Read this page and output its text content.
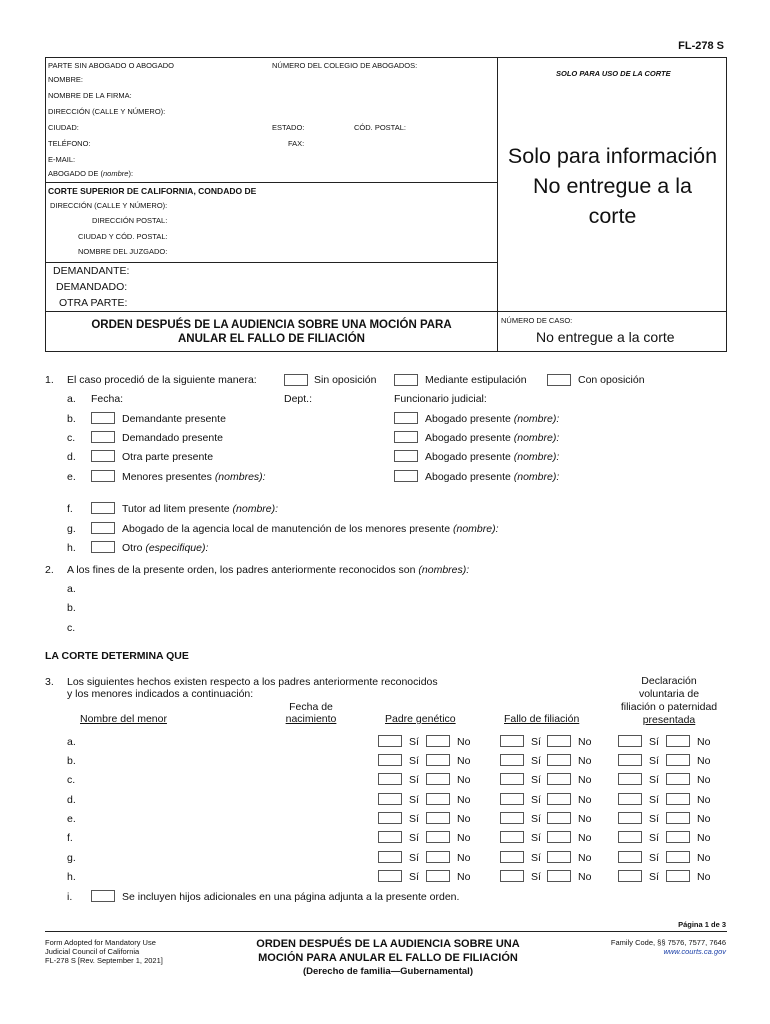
FL-278 S
PARTE SIN ABOGADO O ABOGADO	NÚMERO DEL COLEGIO DE ABOGADOS:
SOLO PARA USO DE LA CORTE
NOMBRE:
NOMBRE DE LA FIRMA:
DIRECCIÓN (CALLE Y NÚMERO):
CIUDAD:	ESTADO:	CÓD. POSTAL:
TELÉFONO:	FAX:
E-MAIL:
ABOGADO DE (nombre):
CORTE SUPERIOR DE CALIFORNIA, CONDADO DE
DIRECCIÓN (CALLE Y NÚMERO):
DIRECCIÓN POSTAL:
CIUDAD Y CÓD. POSTAL:
NOMBRE DEL JUZGADO:
DEMANDANTE:
DEMANDADO:
OTRA PARTE:
ORDEN DESPUÉS DE LA AUDIENCIA SOBRE UNA MOCIÓN PARA
ANULAR EL FALLO DE FILIACIÓN
Solo para información
No entregue a la
corte
NÚMERO DE CASO:
No entregue a la corte
1. El caso procedió de la siguiente manera:	Sin oposición	Mediante estipulación	Con oposición
a. Fecha:	Dept.:	Funcionario judicial:
b.	Demandante presente	Abogado presente (nombre):
c.	Demandado presente	Abogado presente (nombre):
d.	Otra parte presente	Abogado presente (nombre):
e.	Menores presentes (nombres):	Abogado presente (nombre):
f.	Tutor ad litem presente (nombre):
g.	Abogado de la agencia local de manutención de los menores presente (nombre):
h.	Otro (especifique):
2. A los fines de la presente orden, los padres anteriormente reconocidos son (nombres):
a.
b.
c.
LA CORTE DETERMINA QUE
3. Los siguientes hechos existen respecto a los padres anteriormente reconocidos
y los menores indicados a continuación:
Nombre del menor
Fecha de
nacimiento	Padre genético	Fallo de filiación
Declaración
voluntaria de
filiación o paternidad
presentada
a.	Sí	No	Sí	No	Sí	No
b.	Sí	No	Sí	No	Sí	No
c.	Sí	No	Sí	No	Sí	No
d.	Sí	No	Sí	No	Sí	No
e.	Sí	No	Sí	No	Sí	No
f.	Sí	No	Sí	No	Sí	No
g.	Sí	No	Sí	No	Sí	No
h.	Sí	No	Sí	No	Sí	No
i.	Se incluyen hijos adicionales en una página adjunta a la presente orden.
Página 1 de 3
Form Adopted for Mandatory Use
Judicial Council of California
FL-278 S [Rev. September 1, 2021]
ORDEN DESPUÉS DE LA AUDIENCIA SOBRE UNA
MOCIÓN PARA ANULAR EL FALLO DE FILIACIÓN
(Derecho de familia—Gubernamental)
Family Code, §§ 7576, 7577, 7646
www.courts.ca.gov
